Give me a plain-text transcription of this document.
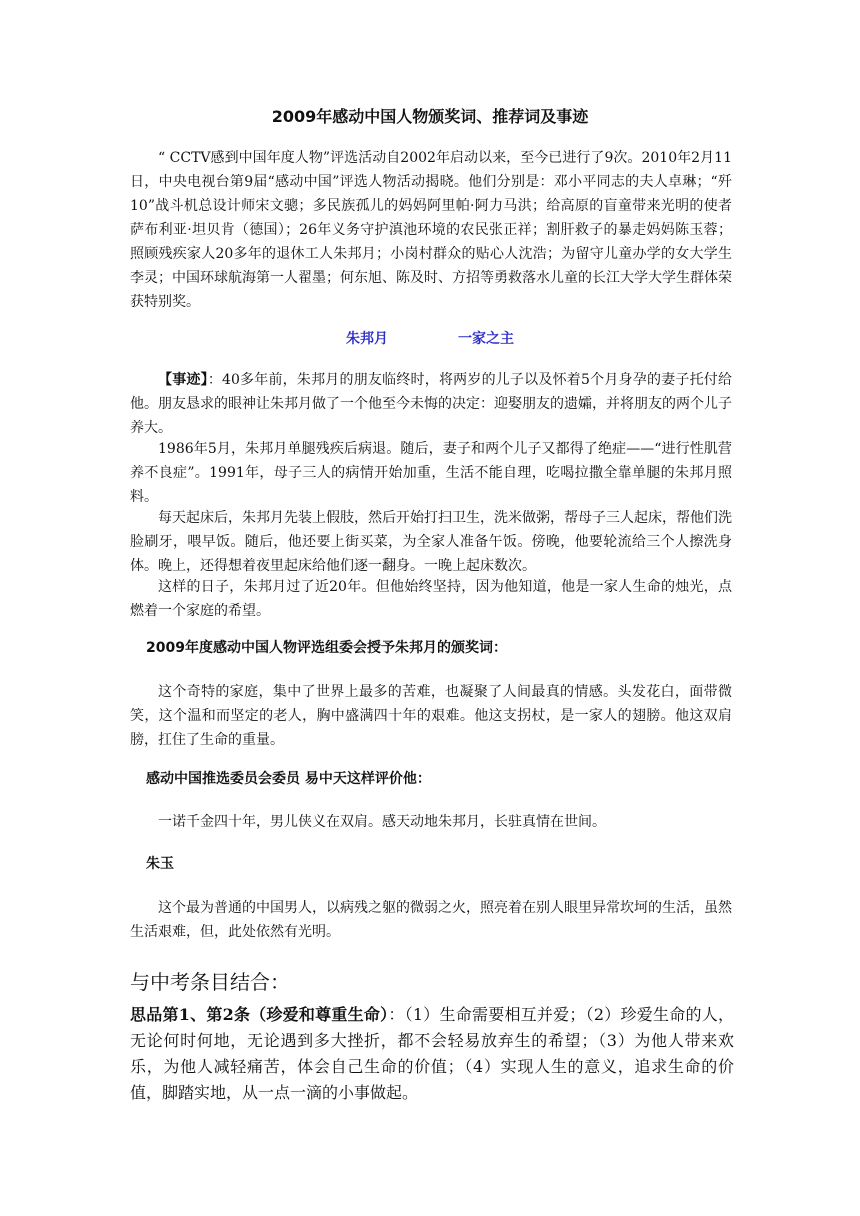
2009年感动中国人物颁奖词、推荐词及事迹

“ CCTV感到中国年度人物”评选活动自2002年启动以来，至今已进行了9次。2010年2月11日，中央电视台第9届“感动中国”评选人物活动揭晓。他们分别是：邓小平同志的夫人卓琳；“歼10”战斗机总设计师宋文骢；多民族孤儿的妈妈阿里帕·阿力马洪；给高原的盲童带来光明的使者萨布利亚·坦贝肯（德国）；26年义务守护滇池环境的农民张正祥；割肝救子的暴走妈妈陈玉蓉；照顾残疾家人20多年的退休工人朱邦月；小岗村群众的贴心人沈浩；为留守儿童办学的女大学生李灵；中国环球航海第一人翟墨；何东旭、陈及时、方招等勇救落水儿童的长江大学大学生群体荣获特别奖。

朱邦月	一家之主

【事迹】：40多年前，朱邦月的朋友临终时，将两岁的儿子以及怀着5个月身孕的妻子托付给他。朋友恳求的眼神让朱邦月做了一个他至今未悔的决定：迎娶朋友的遗孀，并将朋友的两个儿子养大。

1986年5月，朱邦月单腿残疾后病退。随后，妻子和两个儿子又都得了绝症——“进行性肌营养不良症”。1991年，母子三人的病情开始加重，生活不能自理，吃喝拉撒全靠单腿的朱邦月照料。

每天起床后，朱邦月先装上假肢，然后开始打扫卫生，洗米做粥，帮母子三人起床，帮他们洗脸刷牙，喂早饭。随后，他还要上街买菜，为全家人准备午饭。傍晚，他要轮流给三个人擦洗身体。晚上，还得想着夜里起床给他们逐一翻身。一晚上起床数次。

这样的日子，朱邦月过了近20年。但他始终坚持，因为他知道，他是一家人生命的烛光，点燃着一个家庭的希望。

2009年度感动中国人物评选组委会授予朱邦月的颁奖词：

这个奇特的家庭，集中了世界上最多的苦难，也凝聚了人间最真的情感。头发花白，面带微笑，这个温和而坚定的老人，胸中盛满四十年的艰难。他这支拐杖，是一家人的翅膀。他这双肩膀，扛住了生命的重量。

感动中国推选委员会委员 易中天这样评价他：

一诺千金四十年，男儿侠义在双肩。感天动地朱邦月，长驻真情在世间。

朱玉

这个最为普通的中国男人，以病残之躯的微弱之火，照亮着在别人眼里异常坎坷的生活，虽然生活艰难，但，此处依然有光明。

与中考条目结合：

思品第1、第2条（珍爱和尊重生命）：（1）生命需要相互并爱；（2）珍爱生命的人，无论何时何地，无论遇到多大挫折，都不会轻易放弃生的希望；（3）为他人带来欢乐，为他人减轻痛苦，体会自己生命的价值；（4）实现人生的意义，追求生命的价值，脚踏实地，从一点一滴的小事做起。
